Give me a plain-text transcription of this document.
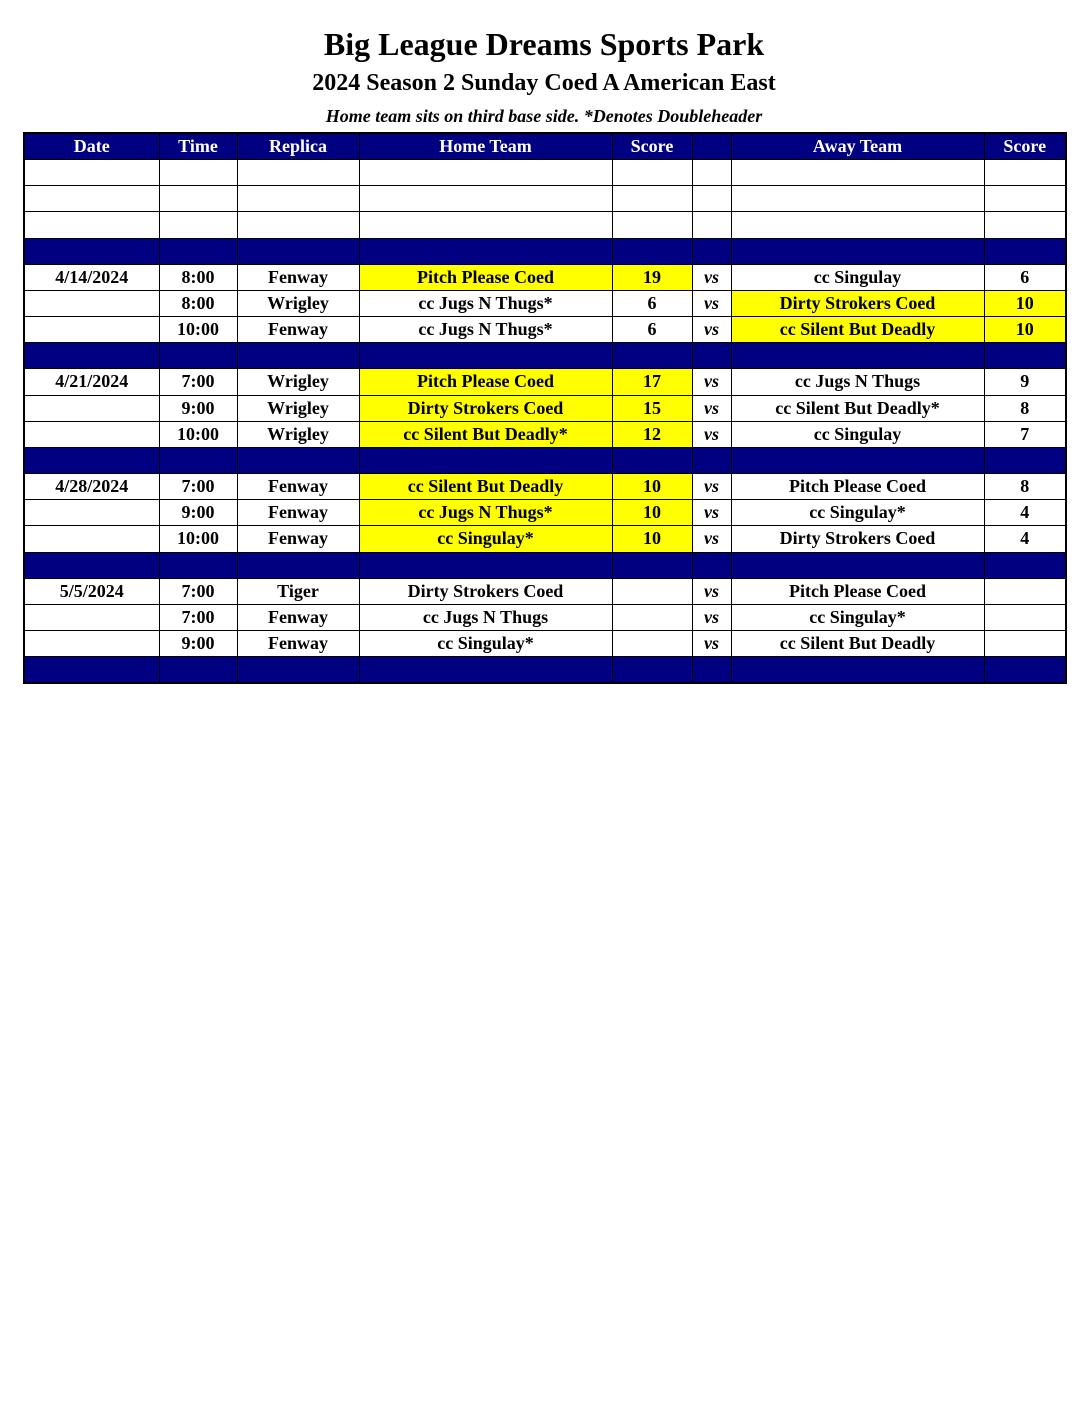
Big League Dreams Sports Park
2024 Season 2 Sunday Coed A American East
Home team sits on third base side. *Denotes Doubleheader
Date	Time	Replica	Home Team	Score		Away Team	Score

4/14/2024	8:00	Fenway	Pitch Please Coed	19	vs	cc Singulay	6
	8:00	Wrigley	cc Jugs N Thugs*	6	vs	Dirty Strokers Coed	10
	10:00	Fenway	cc Jugs N Thugs*	6	vs	cc Silent But Deadly	10

4/21/2024	7:00	Wrigley	Pitch Please Coed	17	vs	cc Jugs N Thugs	9
	9:00	Wrigley	Dirty Strokers Coed	15	vs	cc Silent But Deadly*	8
	10:00	Wrigley	cc Silent But Deadly*	12	vs	cc Singulay	7

4/28/2024	7:00	Fenway	cc Silent But Deadly	10	vs	Pitch Please Coed	8
	9:00	Fenway	cc Jugs N Thugs*	10	vs	cc Singulay*	4
	10:00	Fenway	cc Singulay*	10	vs	Dirty Strokers Coed	4

5/5/2024	7:00	Tiger	Dirty Strokers Coed		vs	Pitch Please Coed	
	7:00	Fenway	cc Jugs N Thugs		vs	cc Singulay*	
	9:00	Fenway	cc Singulay*		vs	cc Silent But Deadly	
